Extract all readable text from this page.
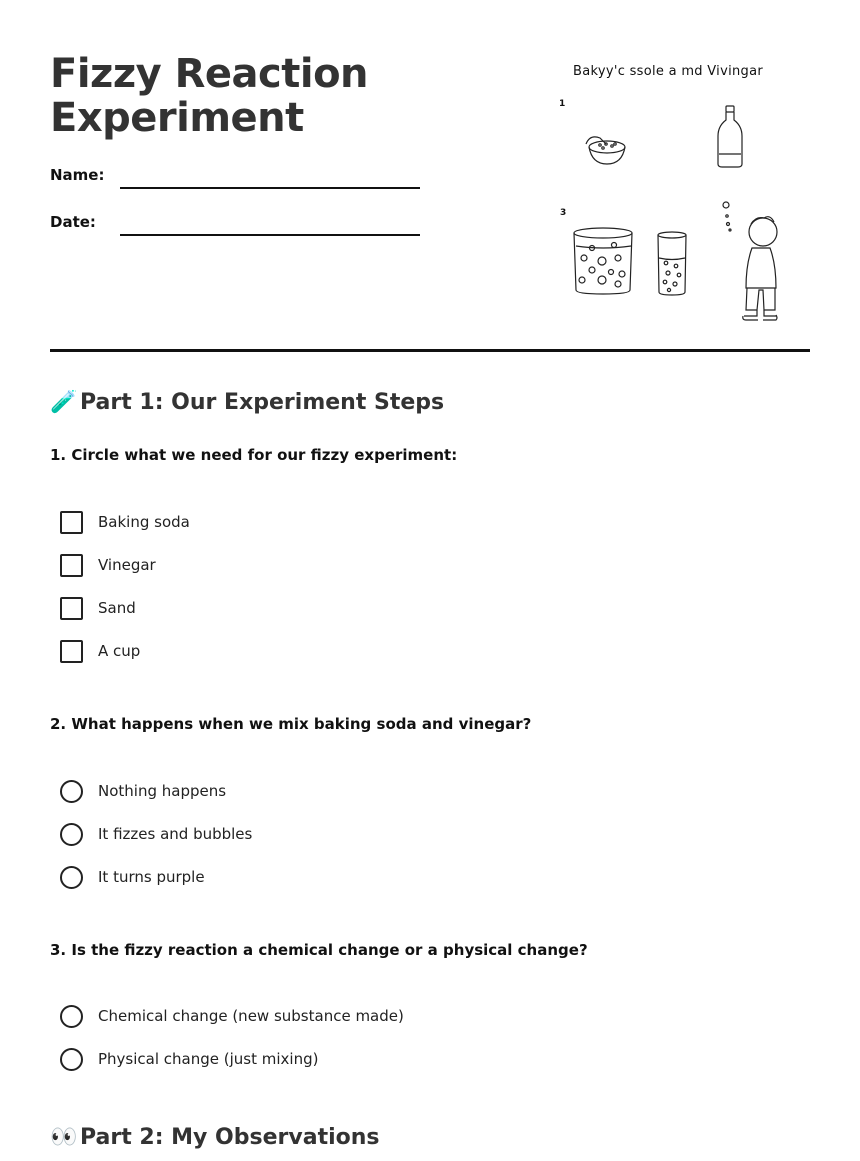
Fizzy Reaction
Experiment
Name:
Date:
Bakyy'c ssole a md Vivingar
1
3
🧪 Part 1: Our Experiment Steps

1. Circle what we need for our fizzy experiment:

Baking soda
Vinegar
Sand
A cup

2. What happens when we mix baking soda and vinegar?

Nothing happens
It fizzes and bubbles
It turns purple

3. Is the fizzy reaction a chemical change or a physical change?

Chemical change (new substance made)
Physical change (just mixing)
👀 Part 2: My Observations
